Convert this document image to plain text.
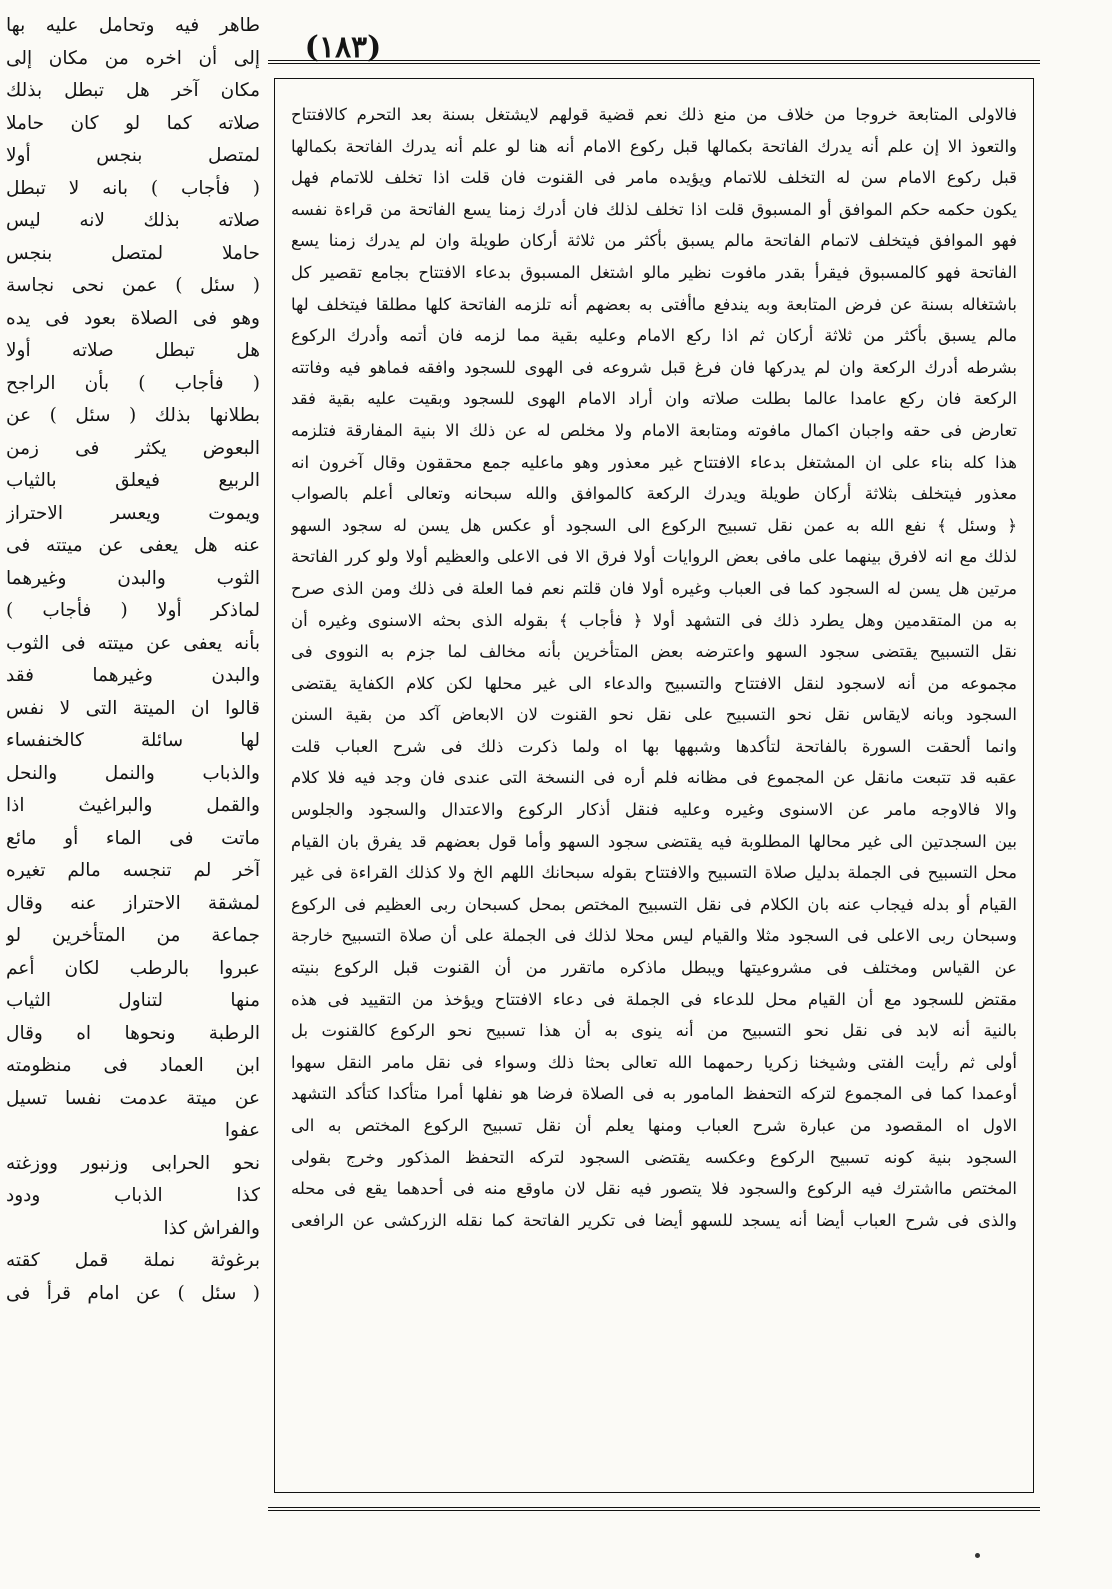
(١٨٣)
طاهر فيه وتحامل عليه بها
إلى أن اخره من مكان إلى
مكان آخر هل تبطل بذلك
صلاته كما لو كان حاملا
لمتصل بنجس أولا
( فأجاب ) بانه لا تبطل
صلاته بذلك لانه ليس
حاملا لمتصل بنجس
( سئل ) عمن نحى نجاسة
وهو فى الصلاة بعود فى يده
هل تبطل صلاته أولا
( فأجاب ) بأن الراجح
بطلانها بذلك ( سئل ) عن
البعوض يكثر فى زمن
الربيع فيعلق بالثياب
ويموت ويعسر الاحتراز
عنه هل يعفى عن ميتته فى
الثوب والبدن وغيرهما
لماذكر أولا ( فأجاب )
بأنه يعفى عن ميتته فى الثوب
والبدن وغيرهما فقد
قالوا ان الميتة التى لا نفس
لها سائلة كالخنفساء
والذباب والنمل والنحل
والقمل والبراغيث اذا
ماتت فى الماء أو مائع
آخر لم تنجسه مالم تغيره
لمشقة الاحتراز عنه وقال
جماعة من المتأخرين لو
عبروا بالرطب لكان أعم
منها لتناول الثياب
الرطبة ونحوها اه وقال
ابن العماد فى منظومته
عن ميتة عدمت نفسا تسيل
عفوا
نحو الحرابى وزنبور ووزغته
كذا الذباب ودود
والفراش كذا
برغوثة نملة قمل كقته
( سئل ) عن امام قرأ فى
فالاولى المتابعة خروجا من خلاف من منع ذلك نعم قضية قولهم لايشتغل بسنة بعد التحرم كالافتتاح
والتعوذ الا إن علم أنه يدرك الفاتحة بكمالها قبل ركوع الامام أنه هنا لو علم أنه يدرك الفاتحة بكمالها
قبل ركوع الامام سن له التخلف للاتمام ويؤيده مامر فى القنوت فان قلت اذا تخلف للاتمام فهل
يكون حكمه حكم الموافق أو المسبوق قلت اذا تخلف لذلك فان أدرك زمنا يسع الفاتحة من قراءة نفسه
فهو الموافق فيتخلف لاتمام الفاتحة مالم يسبق بأكثر من ثلاثة أركان طويلة وان لم يدرك زمنا يسع
الفاتحة فهو كالمسبوق فيقرأ بقدر مافوت نظير مالو اشتغل المسبوق بدعاء الافتتاح بجامع تقصير كل
باشتغاله بسنة عن فرض المتابعة وبه يندفع ماأفتى به بعضهم أنه تلزمه الفاتحة كلها مطلقا فيتخلف لها
مالم يسبق بأكثر من ثلاثة أركان ثم اذا ركع الامام وعليه بقية مما لزمه فان أتمه وأدرك الركوع
بشرطه أدرك الركعة وان لم يدركها فان فرغ قبل شروعه فى الهوى للسجود وافقه فماهو فيه وفاتته
الركعة فان ركع عامدا عالما بطلت صلاته وان أراد الامام الهوى للسجود وبقيت عليه بقية فقد
تعارض فى حقه واجبان اكمال مافوته ومتابعة الامام ولا مخلص له عن ذلك الا بنية المفارقة فتلزمه
هذا كله بناء على ان المشتغل بدعاء الافتتاح غير معذور وهو ماعليه جمع محققون وقال آخرون انه
معذور فيتخلف بثلاثة أركان طويلة ويدرك الركعة كالموافق والله سبحانه وتعالى أعلم بالصواب
﴿ وسئل ﴾ نفع الله به عمن نقل تسبيح الركوع الى السجود أو عكس هل يسن له سجود السهو
لذلك مع انه لافرق بينهما على مافى بعض الروايات أولا فرق الا فى الاعلى والعظيم أولا ولو كرر الفاتحة
مرتين هل يسن له السجود كما فى العباب وغيره أولا فان قلتم نعم فما العلة فى ذلك ومن الذى صرح
به من المتقدمين وهل يطرد ذلك فى التشهد أولا ﴿ فأجاب ﴾ بقوله الذى بحثه الاسنوى وغيره أن
نقل التسبيح يقتضى سجود السهو واعترضه بعض المتأخرين بأنه مخالف لما جزم به النووى فى
مجموعه من أنه لاسجود لنقل الافتتاح والتسبيح والدعاء الى غير محلها لكن كلام الكفاية يقتضى
السجود وبانه لايقاس نقل نحو التسبيح على نقل نحو القنوت لان الابعاض آكد من بقية السنن
وانما ألحقت السورة بالفاتحة لتأكدها وشبهها بها اه ولما ذكرت ذلك فى شرح العباب قلت
عقبه قد تتبعت مانقل عن المجموع فى مظانه فلم أره فى النسخة التى عندى فان وجد فيه فلا كلام
والا فالاوجه مامر عن الاسنوى وغيره وعليه فنقل أذكار الركوع والاعتدال والسجود والجلوس
بين السجدتين الى غير محالها المطلوبة فيه يقتضى سجود السهو وأما قول بعضهم قد يفرق بان القيام
محل التسبيح فى الجملة بدليل صلاة التسبيح والافتتاح بقوله سبحانك اللهم الخ ولا كذلك القراءة فى غير
القيام أو بدله فيجاب عنه بان الكلام فى نقل التسبيح المختص بمحل كسبحان ربى العظيم فى الركوع
وسبحان ربى الاعلى فى السجود مثلا والقيام ليس محلا لذلك فى الجملة على أن صلاة التسبيح خارجة
عن القياس ومختلف فى مشروعيتها ويبطل ماذكره ماتقرر من أن القنوت قبل الركوع بنيته
مقتض للسجود مع أن القيام محل للدعاء فى الجملة فى دعاء الافتتاح ويؤخذ من التقييد فى هذه
بالنية أنه لابد فى نقل نحو التسبيح من أنه ينوى به أن هذا تسبيح نحو الركوع كالقنوت بل
أولى ثم رأيت الفتى وشيخنا زكريا رحمهما الله تعالى بحثا ذلك وسواء فى نقل مامر النقل سهوا
أوعمدا كما فى المجموع لتركه التحفظ المامور به فى الصلاة فرضا هو نفلها أمرا متأكدا كتأكد التشهد
الاول اه المقصود من عبارة شرح العباب ومنها يعلم أن نقل تسبيح الركوع المختص به الى
السجود بنية كونه تسبيح الركوع وعكسه يقتضى السجود لتركه التحفظ المذكور وخرج بقولى
المختص مااشترك فيه الركوع والسجود فلا يتصور فيه نقل لان ماوقع منه فى أحدهما يقع فى محله
والذى فى شرح العباب أيضا أنه يسجد للسهو أيضا فى تكرير الفاتحة كما نقله الزركشى عن الرافعى
